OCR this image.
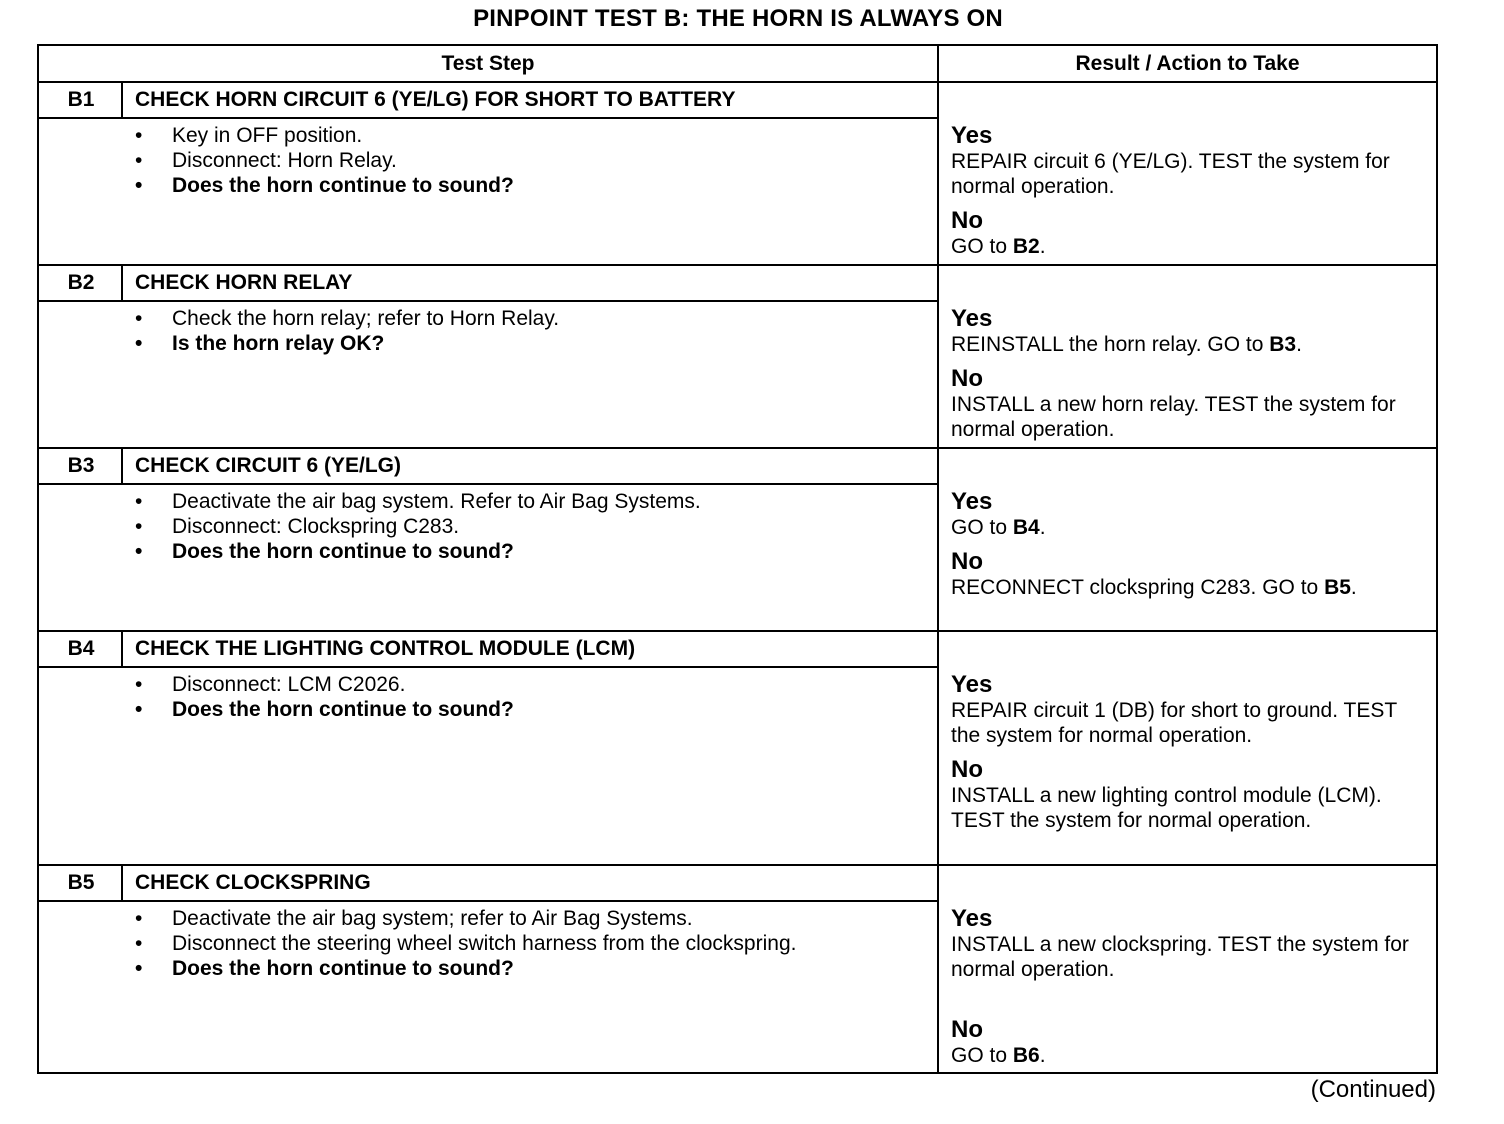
PINPOINT TEST B: THE HORN IS ALWAYS ON
Test Step	Result / Action to Take
B1	CHECK HORN CIRCUIT 6 (YE/LG) FOR SHORT TO BATTERY
• Key in OFF position.
• Disconnect: Horn Relay.
• Does the horn continue to sound?
Yes
REPAIR circuit 6 (YE/LG). TEST the system for normal operation.
No
GO to B2.
B2	CHECK HORN RELAY
• Check the horn relay; refer to Horn Relay.
• Is the horn relay OK?
Yes
REINSTALL the horn relay. GO to B3.
No
INSTALL a new horn relay. TEST the system for normal operation.
B3	CHECK CIRCUIT 6 (YE/LG)
• Deactivate the air bag system. Refer to Air Bag Systems.
• Disconnect: Clockspring C283.
• Does the horn continue to sound?
Yes
GO to B4.
No
RECONNECT clockspring C283. GO to B5.
B4	CHECK THE LIGHTING CONTROL MODULE (LCM)
• Disconnect: LCM C2026.
• Does the horn continue to sound?
Yes
REPAIR circuit 1 (DB) for short to ground. TEST the system for normal operation.
No
INSTALL a new lighting control module (LCM). TEST the system for normal operation.
B5	CHECK CLOCKSPRING
• Deactivate the air bag system; refer to Air Bag Systems.
• Disconnect the steering wheel switch harness from the clockspring.
• Does the horn continue to sound?
Yes
INSTALL a new clockspring. TEST the system for normal operation.
No
GO to B6.
(Continued)
